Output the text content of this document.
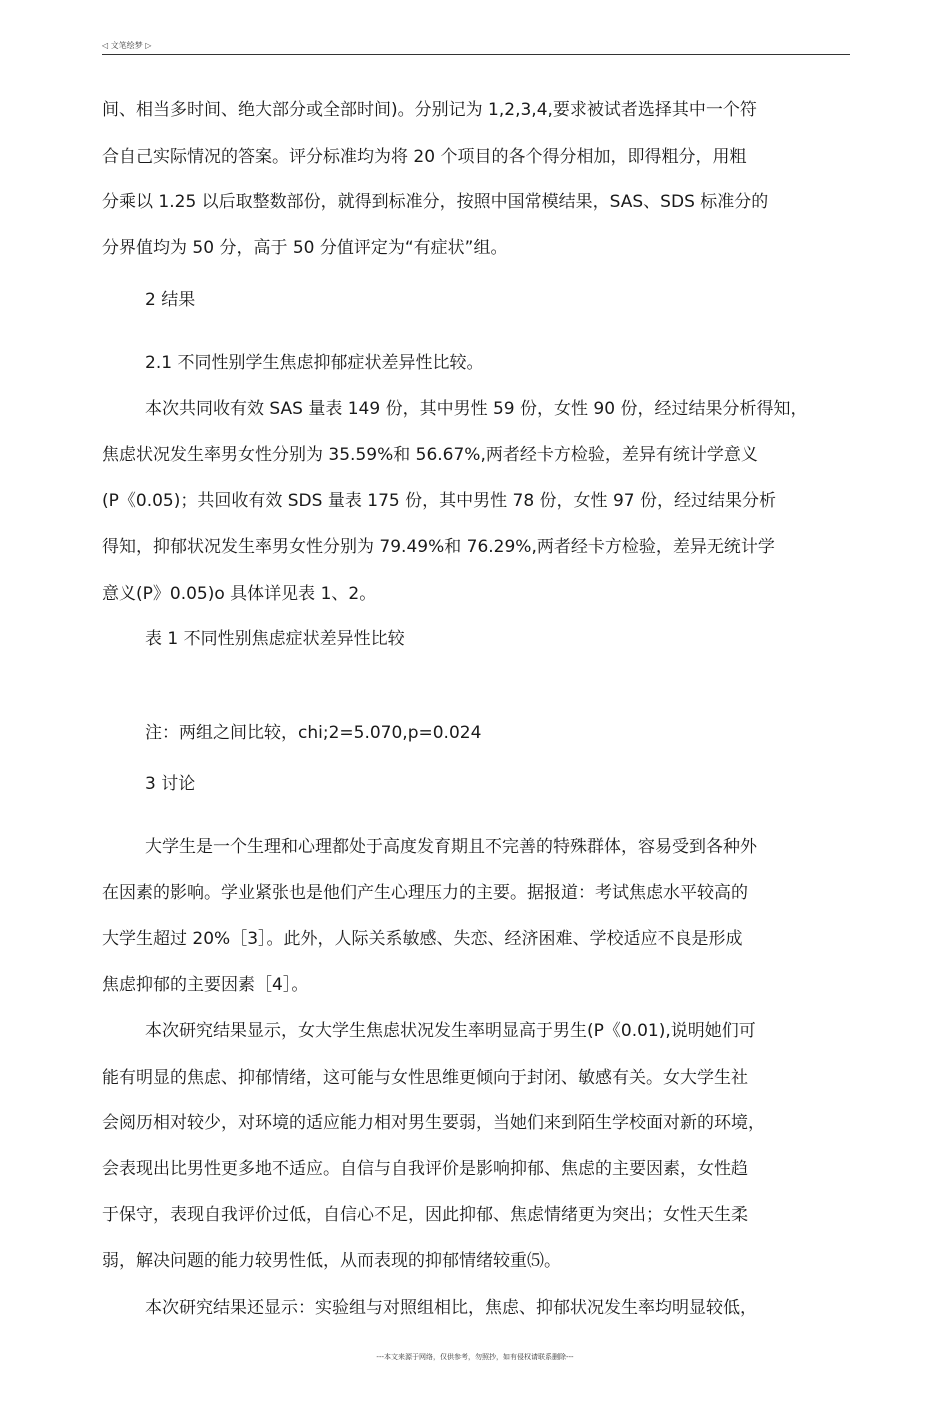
◁ 文笔绘梦 ▷
间、相当多时间、绝大部分或全部时间)。分别记为 1,2,3,4,要求被试者选择其中一个符
合自己实际情况的答案。评分标准均为将 20 个项目的各个得分相加，即得粗分，用粗
分乘以 1.25 以后取整数部份，就得到标准分，按照中国常模结果，SAS、SDS 标准分的
分界值均为 50 分，高于 50 分值评定为“有症状”组。
2 结果
2.1 不同性别学生焦虑抑郁症状差异性比较。
本次共同收有效 SAS 量表 149 份，其中男性 59 份，女性 90 份，经过结果分析得知，
焦虑状况发生率男女性分别为 35.59%和 56.67%,两者经卡方检验，差异有统计学意义
(P《0.05)；共回收有效 SDS 量表 175 份，其中男性 78 份，女性 97 份，经过结果分析
得知，抑郁状况发生率男女性分别为 79.49%和 76.29%,两者经卡方检验，差异无统计学
意义(P》0.05)o 具体详见表 1、2。
表 1 不同性别焦虑症状差异性比较
注：两组之间比较，chi;2=5.070,p=0.024
3 讨论
大学生是一个生理和心理都处于高度发育期且不完善的特殊群体，容易受到各种外
在因素的影响。学业紧张也是他们产生心理压力的主要。据报道：考试焦虑水平较高的
大学生超过 20%［3］。此外，人际关系敏感、失恋、经济困难、学校适应不良是形成
焦虑抑郁的主要因素［4］。
本次研究结果显示，女大学生焦虑状况发生率明显高于男生(P《0.01),说明她们可
能有明显的焦虑、抑郁情绪，这可能与女性思维更倾向于封闭、敏感有关。女大学生社
会阅历相对较少，对环境的适应能力相对男生要弱，当她们来到陌生学校面对新的环境，
会表现出比男性更多地不适应。自信与自我评价是影响抑郁、焦虑的主要因素，女性趋
于保守，表现自我评价过低，自信心不足，因此抑郁、焦虑情绪更为突出；女性天生柔
弱，解决问题的能力较男性低，从而表现的抑郁情绪较重⑸。
本次研究结果还显示：实验组与对照组相比，焦虑、抑郁状况发生率均明显较低，
---本文来源于网络，仅供参考，勿照抄，如有侵权请联系删除---
